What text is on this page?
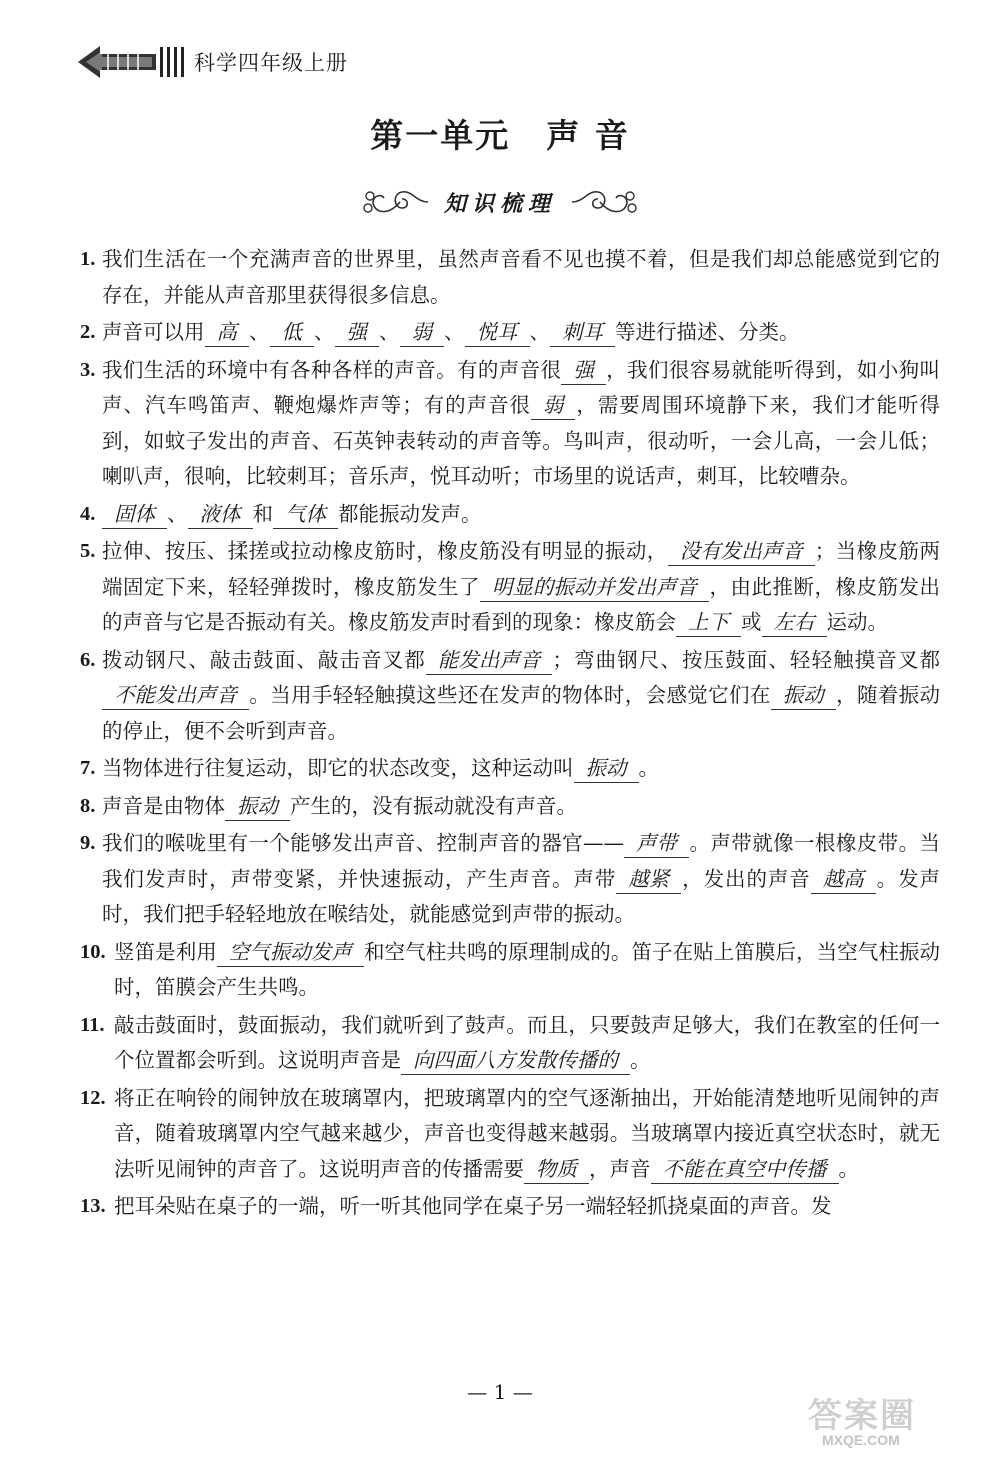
科学四年级上册
第一单元 声 音
知识梳理
1. 我们生活在一个充满声音的世界里，虽然声音看不见也摸不着，但是我们却总能感觉到它的存在，并能从声音那里获得很多信息。
2. 声音可以用 高 、 低 、 强 、 弱 、 悦耳 、 刺耳 等进行描述、分类。
3. 我们生活的环境中有各种各样的声音。有的声音很 强 ，我们很容易就能听得到，如小狗叫声、汽车鸣笛声、鞭炮爆炸声等；有的声音很 弱 ，需要周围环境静下来，我们才能听得到，如蚊子发出的声音、石英钟表转动的声音等。鸟叫声，很动听，一会儿高，一会儿低；喇叭声，很响，比较刺耳；音乐声，悦耳动听；市场里的说话声，刺耳，比较嘈杂。
4. 固体 、 液体 和 气体 都能振动发声。
5. 拉伸、按压、揉搓或拉动橡皮筋时，橡皮筋没有明显的振动， 没有发出声音 ；当橡皮筋两端固定下来，轻轻弹拨时，橡皮筋发生了 明显的振动并发出声音 ，由此推断，橡皮筋发出的声音与它是否振动有关。橡皮筋发声时看到的现象：橡皮筋会 上下 或 左右 运动。
6. 拨动钢尺、敲击鼓面、敲击音叉都 能发出声音 ；弯曲钢尺、按压鼓面、轻轻触摸音叉都不能发出声音 。当用手轻轻触摸这些还在发声的物体时，会感觉它们在 振动 ，随着振动的停止，便不会听到声音。
7. 当物体进行往复运动，即它的状态改变，这种运动叫 振动 。
8. 声音是由物体 振动 产生的，没有振动就没有声音。
9. 我们的喉咙里有一个能够发出声音、控制声音的器官—— 声带 。声带就像一根橡皮带。当我们发声时，声带变紧，并快速振动，产生声音。声带 越紧 ，发出的声音 越高 。发声时，我们把手轻轻地放在喉结处，就能感觉到声带的振动。
10. 竖笛是利用 空气振动发声 和空气柱共鸣的原理制成的。笛子在贴上笛膜后，当空气柱振动时，笛膜会产生共鸣。
11. 敲击鼓面时，鼓面振动，我们就听到了鼓声。而且，只要鼓声足够大，我们在教室的任何一个位置都会听到。这说明声音是 向四面八方发散传播的 。
12. 将正在响铃的闹钟放在玻璃罩内，把玻璃罩内的空气逐渐抽出，开始能清楚地听见闹钟的声音，随着玻璃罩内空气越来越少，声音也变得越来越弱。当玻璃罩内接近真空状态时，就无法听见闹钟的声音了。这说明声音的传播需要 物质 ，声音 不能在真空中传播 。
13. 把耳朵贴在桌子的一端，听一听其他同学在桌子另一端轻轻抓挠桌面的声音。发
— 1 —
答案圈
MXQE.COM
